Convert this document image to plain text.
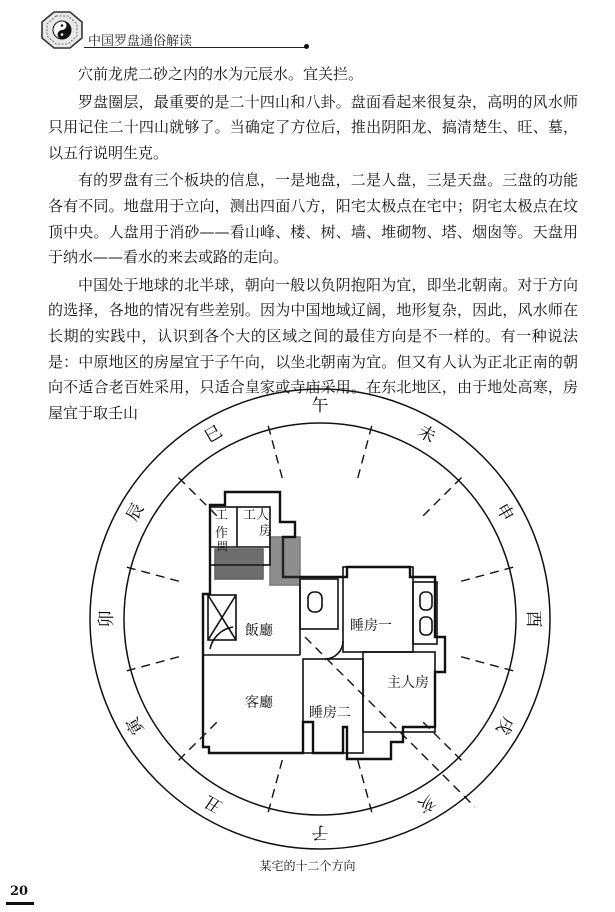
中国罗盘通俗解读

穴前龙虎二砂之内的水为元辰水。宜关拦。

罗盘圈层，最重要的是二十四山和八卦。盘面看起来很复杂，高明的风水师只用记住二十四山就够了。当确定了方位后，推出阴阳龙、搞清楚生、旺、墓，以五行说明生克。

有的罗盘有三个板块的信息，一是地盘，二是人盘，三是天盘。三盘的功能各有不同。地盘用于立向，测出四面八方，阳宅太极点在宅中；阴宅太极点在坟顶中央。人盘用于消砂——看山峰、楼、树、墙、堆砌物、塔、烟囱等。天盘用于纳水——看水的来去或路的走向。

中国处于地球的北半球，朝向一般以负阴抱阳为宜，即坐北朝南。对于方向的选择，各地的情况有些差别。因为中国地域辽阔，地形复杂，因此，风水师在长期的实践中，认识到各个大的区域之间的最佳方向是不一样的。有一种说法是：中原地区的房屋宜于子午向，以坐北朝南为宜。但又有人认为正北正南的朝向不适合老百姓采用，只适合皇家或寺庙采用。在东北地区，由于地处高寒，房屋宜于取壬山	午
未
申
酉
戌
亥
子
丑
寅
卯
辰
巳
工
作
間
工人
房
飯廳
客廳
睡房一
睡房二
主人房
某宅的十二个方向
20
